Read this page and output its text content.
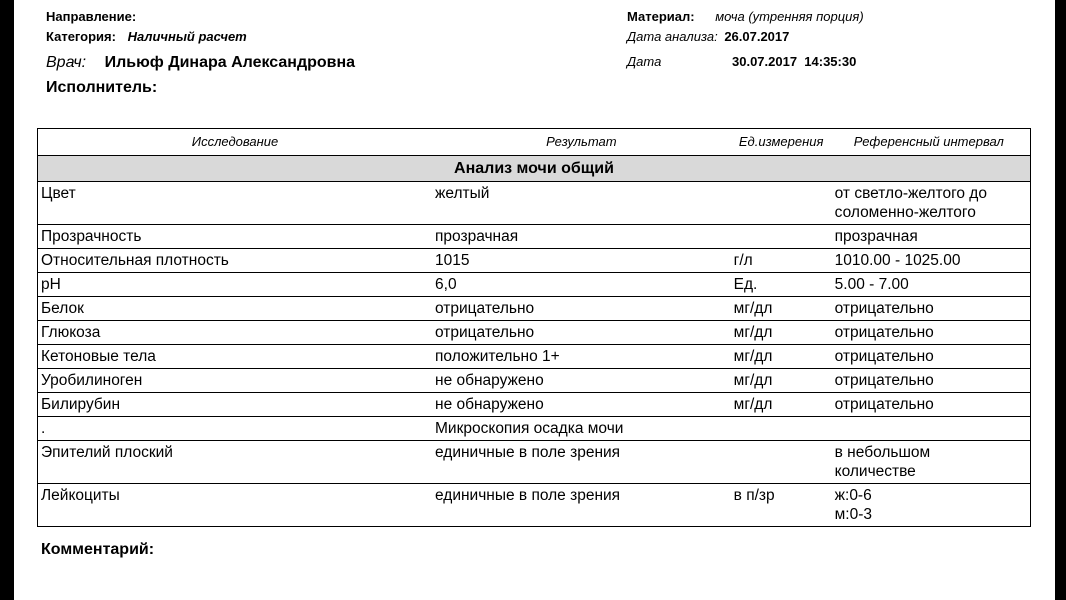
Направление:
Категория: Наличный расчет
Врач: Ильюф Динара Александровна
Исполнитель:
Материал: моча (утренняя порция)
Дата анализа: 26.07.2017
Дата	30.07.2017  14:35:30
Исследование	Результат	Ед.измерения	Референсный интервал
Анализ мочи общий			
Цвет	желтый		от светло-желтого до
соломенно-желтого

Прозрачность	прозрачная		прозрачная

Относительная плотность	1015	г/л	1010.00 - 1025.00

pH	6,0	Ед.	5.00 - 7.00

Белок	отрицательно	мг/дл	отрицательно

Глюкоза	отрицательно	мг/дл	отрицательно

Кетоновые тела	положительно 1+	мг/дл	отрицательно

Уробилиноген	не обнаружено	мг/дл	отрицательно

Билирубин	не обнаружено	мг/дл	отрицательно

.	Микроскопия осадка мочи		

Эпителий плоский	единичные в поле зрения		в небольшом
количестве

Лейкоциты	единичные в поле зрения	в п/зр	ж:0-6
м:0-3
Комментарий:
